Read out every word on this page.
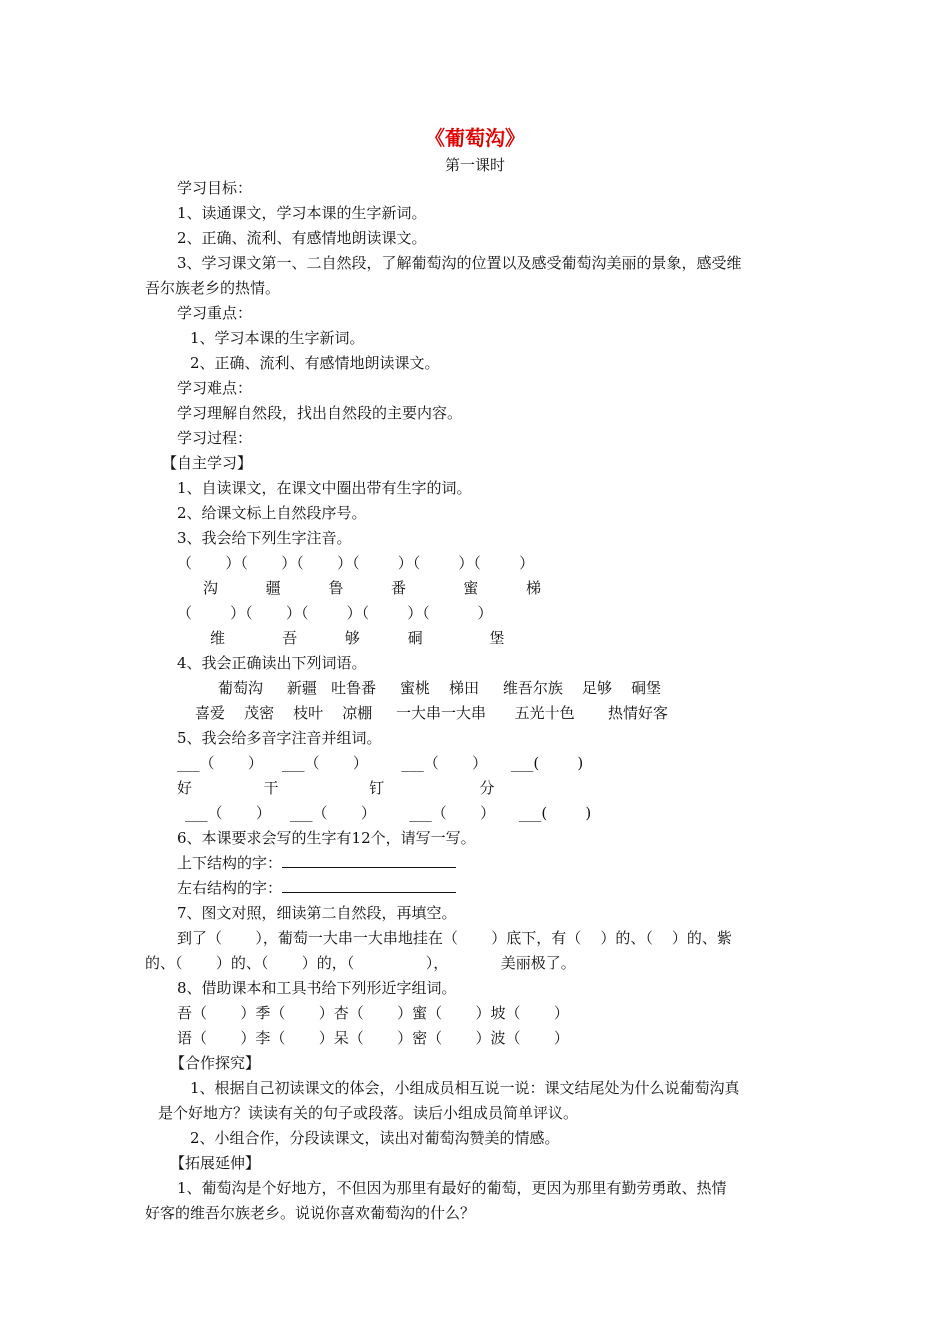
《葡萄沟》
第一课时
学习目标：
1、读通课文，学习本课的生字新词。
2、正确、流利、有感情地朗读课文。
3、学习课文第一、二自然段，了解葡萄沟的位置以及感受葡萄沟美丽的景象，感受维
吾尔族老乡的热情。
学习重点：
1、学习本课的生字新词。
2、正确、流利、有感情地朗读课文。
学习难点：
学习理解自然段，找出自然段的主要内容。
学习过程：
【自主学习】
1、自读课文，在课文中圈出带有生字的词。
2、给课文标上自然段序号。
3、我会给下列生字注音。
（       ）（       ）（       ）（        ）（        ）（        ）
沟          疆          鲁          番            蜜          梯
（        ）（       ）（        ）（        ）（          ）
维            吾          够          硐              堡
4、我会正确读出下列词语。
葡萄沟     新疆   吐鲁番     蜜桃    梯田     维吾尔族    足够    硐堡
喜爱    茂密    枝叶    凉棚     一大串一大串      五光十色       热情好客
5、我会给多音字注音并组词。
___（       ）    ___（       ）       ___（       ）     ___(        )
好               干                   钉                    分
___（       ）    ___（       ）       ___（       ）     ___(        )
6、本课要求会写的生字有12个，请写一写。
上下结构的字：
左右结构的字：
7、图文对照，细读第二自然段，再填空。
到了（       ），葡萄一大串一大串地挂在（       ）底下，有（    ）的、（    ）的、紫
的、（       ）的、（       ）的，（               ），           美丽极了。
8、借助课本和工具书给下列形近字组词。
吾（       ）季（       ）杏（       ）蜜（       ）坡（       ）
语（       ）李（       ）呆（       ）密（       ）波（       ）
【合作探究】
1、根据自己初读课文的体会，小组成员相互说一说：课文结尾处为什么说葡萄沟真
是个好地方？读读有关的句子或段落。读后小组成员简单评议。
2、小组合作，分段读课文，读出对葡萄沟赞美的情感。
【拓展延伸】
1、葡萄沟是个好地方，不但因为那里有最好的葡萄，更因为那里有勤劳勇敢、热情
好客的维吾尔族老乡。说说你喜欢葡萄沟的什么？
